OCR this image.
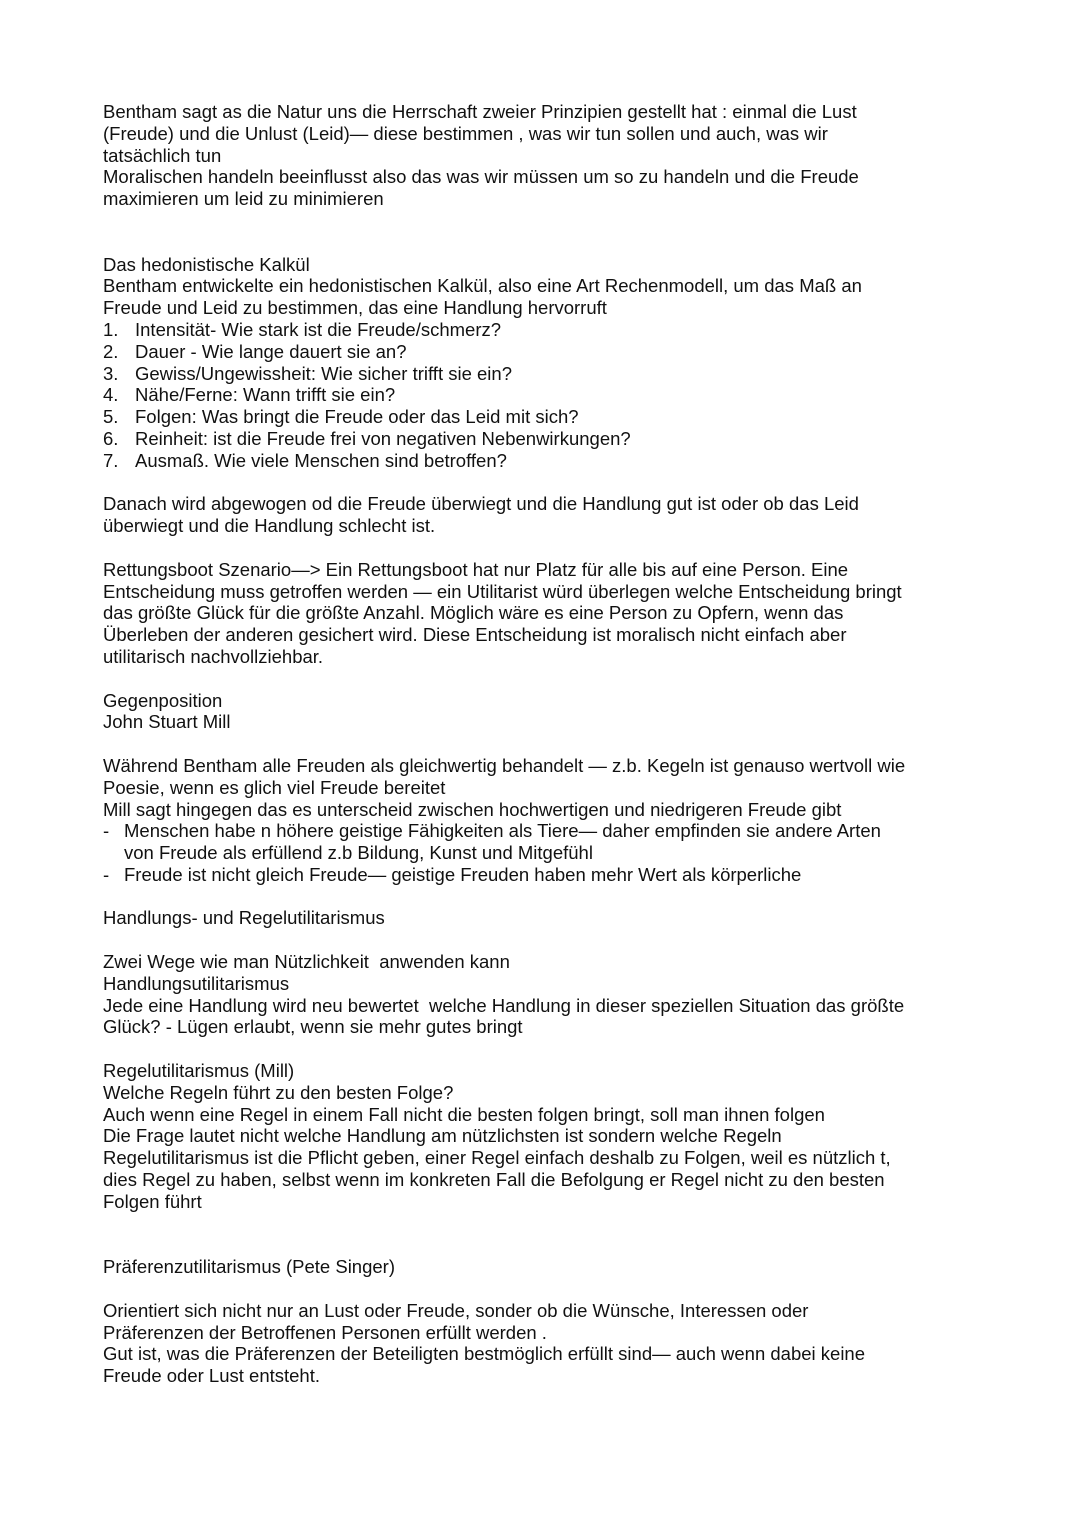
Bentham sagt as die Natur uns die Herrschaft zweier Prinzipien gestellt hat : einmal die Lust
(Freude) und die Unlust (Leid)— diese bestimmen , was wir tun sollen und auch, was wir
tatsächlich tun
Moralischen handeln beeinflusst also das was wir müssen um so zu handeln und die Freude
maximieren um leid zu minimieren
Das hedonistische Kalkül
Bentham entwickelte ein hedonistischen Kalkül, also eine Art Rechenmodell, um das Maß an
Freude und Leid zu bestimmen, das eine Handlung hervorruft
1. Intensität- Wie stark ist die Freude/schmerz?
2. Dauer - Wie lange dauert sie an?
3. Gewiss/Ungewissheit: Wie sicher trifft sie ein?
4. Nähe/Ferne: Wann trifft sie ein?
5. Folgen: Was bringt die Freude oder das Leid mit sich?
6. Reinheit: ist die Freude frei von negativen Nebenwirkungen?
7. Ausmaß. Wie viele Menschen sind betroffen?
Danach wird abgewogen od die Freude überwiegt und die Handlung gut ist oder ob das Leid
überwiegt und die Handlung schlecht ist.
Rettungsboot Szenario—> Ein Rettungsboot hat nur Platz für alle bis auf eine Person. Eine
Entscheidung muss getroffen werden — ein Utilitarist würd überlegen welche Entscheidung bringt
das größte Glück für die größte Anzahl. Möglich wäre es eine Person zu Opfern, wenn das
Überleben der anderen gesichert wird. Diese Entscheidung ist moralisch nicht einfach aber
utilitarisch nachvollziehbar.
Gegenposition
John Stuart Mill
Während Bentham alle Freuden als gleichwertig behandelt — z.b. Kegeln ist genauso wertvoll wie
Poesie, wenn es glich viel Freude bereitet
Mill sagt hingegen das es unterscheid zwischen hochwertigen und niedrigeren Freude gibt
- Menschen habe n höhere geistige Fähigkeiten als Tiere— daher empfinden sie andere Arten
von Freude als erfüllend z.b Bildung, Kunst und Mitgefühl
- Freude ist nicht gleich Freude— geistige Freuden haben mehr Wert als körperliche
Handlungs- und Regelutilitarismus
Zwei Wege wie man Nützlichkeit  anwenden kann
Handlungsutilitarismus
Jede eine Handlung wird neu bewertet  welche Handlung in dieser speziellen Situation das größte
Glück? - Lügen erlaubt, wenn sie mehr gutes bringt
Regelutilitarismus (Mill)
Welche Regeln führt zu den besten Folge?
Auch wenn eine Regel in einem Fall nicht die besten folgen bringt, soll man ihnen folgen
Die Frage lautet nicht welche Handlung am nützlichsten ist sondern welche Regeln
Regelutilitarismus ist die Pflicht geben, einer Regel einfach deshalb zu Folgen, weil es nützlich t,
dies Regel zu haben, selbst wenn im konkreten Fall die Befolgung er Regel nicht zu den besten
Folgen führt
Präferenzutilitarismus (Pete Singer)
Orientiert sich nicht nur an Lust oder Freude, sonder ob die Wünsche, Interessen oder
Präferenzen der Betroffenen Personen erfüllt werden .
Gut ist, was die Präferenzen der Beteiligten bestmöglich erfüllt sind— auch wenn dabei keine
Freude oder Lust entsteht.
